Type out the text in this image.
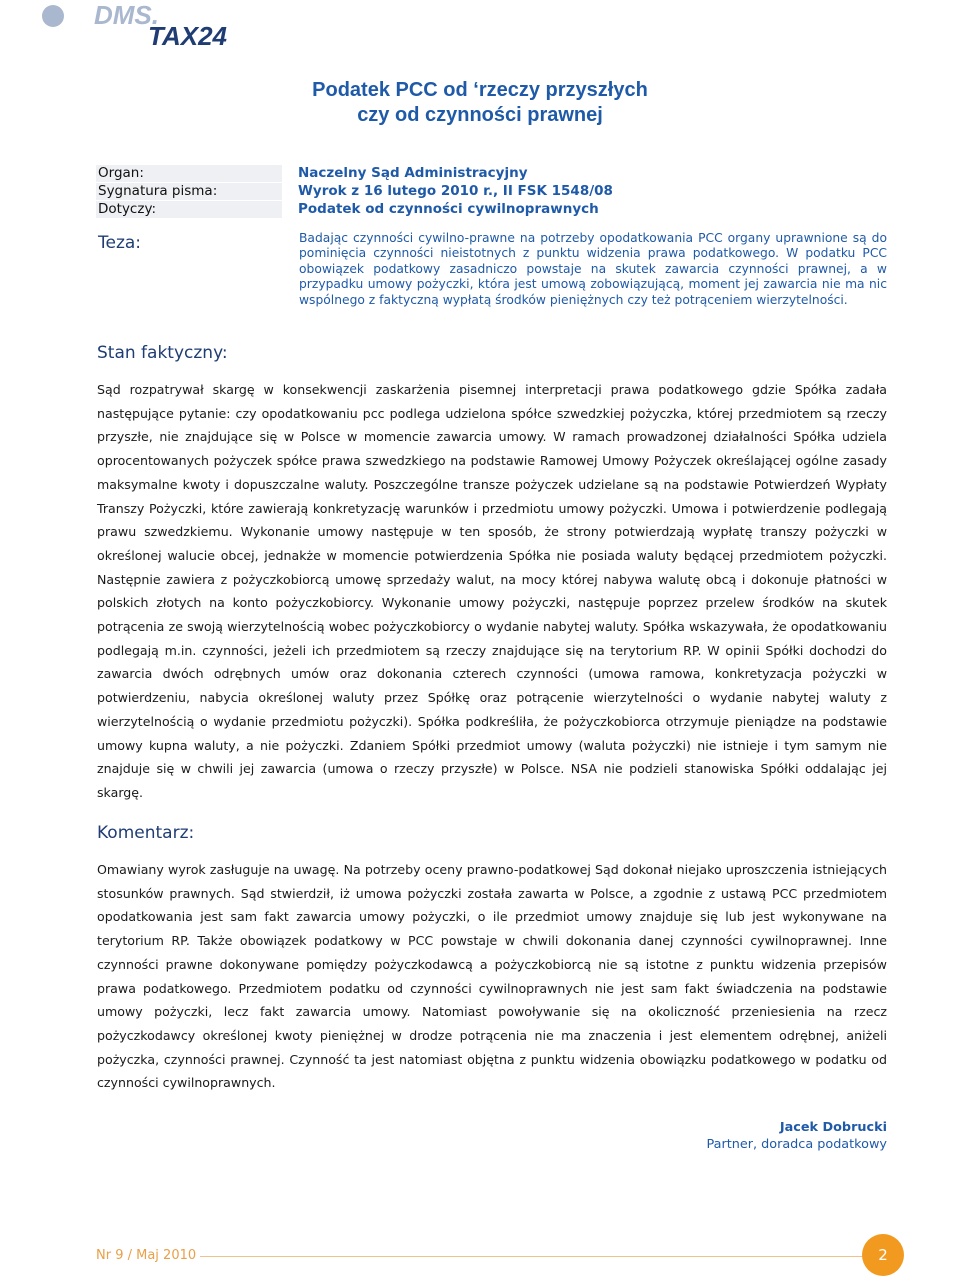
DMS.
TAX24
Podatek PCC od ‘rzeczy przyszłych
czy od czynności prawnej
Organ:	Naczelny Sąd Administracyjny
Sygnatura pisma:	Wyrok z 16 lutego 2010 r., II FSK 1548/08
Dotyczy:	Podatek od czynności cywilnoprawnych
Teza:	Badając czynności cywilno-prawne na potrzeby opodatkowania PCC organy uprawnione są do pominięcia czynności nieistotnych z punktu widzenia prawa podatkowego. W podatku PCC obowiązek podatkowy zasadniczo powstaje na skutek zawarcia czynności prawnej, a w przypadku umowy pożyczki, która jest umową zobowiązującą, moment jej zawarcia nie ma nic wspólnego z faktyczną wypłatą środków pieniężnych czy też potrąceniem wierzytelności.
Stan faktyczny:
Sąd rozpatrywał skargę w konsekwencji zaskarżenia pisemnej interpretacji prawa podatkowego gdzie Spółka zadała następujące pytanie: czy opodatkowaniu pcc podlega udzielona spółce szwedzkiej pożyczka, której przedmiotem są rzeczy przyszłe, nie znajdujące się w Polsce w momencie zawarcia umowy. W ramach prowadzonej działalności Spółka udziela oprocentowanych pożyczek spółce prawa szwedzkiego na podstawie Ramowej Umowy Pożyczek określającej ogólne zasady maksymalne kwoty i dopuszczalne waluty. Poszczególne transze pożyczek udzielane są na podstawie Potwierdzeń Wypłaty Transzy Pożyczki, które zawierają konkretyzację warunków i przedmiotu umowy pożyczki. Umowa i potwierdzenie podlegają prawu szwedzkiemu. Wykonanie umowy następuje w ten sposób, że strony potwierdzają wypłatę transzy pożyczki w określonej walucie obcej, jednakże w momencie potwierdzenia Spółka nie posiada waluty będącej przedmiotem pożyczki. Następnie zawiera z pożyczkobiorcą umowę sprzedaży walut, na mocy której nabywa walutę obcą i dokonuje płatności w polskich złotych na konto pożyczkobiorcy. Wykonanie umowy pożyczki, następuje poprzez przelew środków na skutek potrącenia ze swoją wierzytelnością wobec pożyczkobiorcy o wydanie nabytej waluty. Spółka wskazywała, że opodatkowaniu podlegają m.in. czynności, jeżeli ich przedmiotem są rzeczy znajdujące się na terytorium RP. W opinii Spółki dochodzi do zawarcia dwóch odrębnych umów oraz dokonania czterech czynności (umowa ramowa, konkretyzacja pożyczki w potwierdzeniu, nabycia określonej waluty przez Spółkę oraz potrącenie wierzytelności o wydanie nabytej waluty z wierzytelnością o wydanie przedmiotu pożyczki). Spółka podkreśliła, że pożyczkobiorca otrzymuje pieniądze na podstawie umowy kupna waluty, a nie pożyczki. Zdaniem Spółki przedmiot umowy (waluta pożyczki) nie istnieje i tym samym nie znajduje się w chwili jej zawarcia (umowa o rzeczy przyszłe) w Polsce. NSA nie podzieli stanowiska Spółki oddalając jej skargę.
Komentarz:
Omawiany wyrok zasługuje na uwagę. Na potrzeby oceny prawno-podatkowej Sąd dokonał niejako uproszczenia istniejących stosunków prawnych. Sąd stwierdził, iż umowa pożyczki została zawarta w Polsce, a zgodnie z ustawą PCC przedmiotem opodatkowania jest sam fakt zawarcia umowy pożyczki, o ile przedmiot umowy znajduje się lub jest wykonywane na terytorium RP. Także obowiązek podatkowy w PCC powstaje w chwili dokonania danej czynności cywilnoprawnej. Inne czynności prawne dokonywane pomiędzy pożyczkodawcą a pożyczkobiorcą nie są istotne z punktu widzenia przepisów prawa podatkowego. Przedmiotem podatku od czynności cywilnoprawnych nie jest sam fakt świadczenia na podstawie umowy pożyczki, lecz fakt zawarcia umowy. Natomiast powoływanie się na okoliczność przeniesienia na rzecz pożyczkodawcy określonej kwoty pieniężnej w drodze potrącenia nie ma znaczenia i jest elementem odrębnej, aniżeli pożyczka, czynności prawnej. Czynność ta jest natomiast objętna z punktu widzenia obowiązku podatkowego w podatku od czynności cywilnoprawnych.
Jacek Dobrucki
Partner, doradca podatkowy
Nr 9 / Maj 2010	2
